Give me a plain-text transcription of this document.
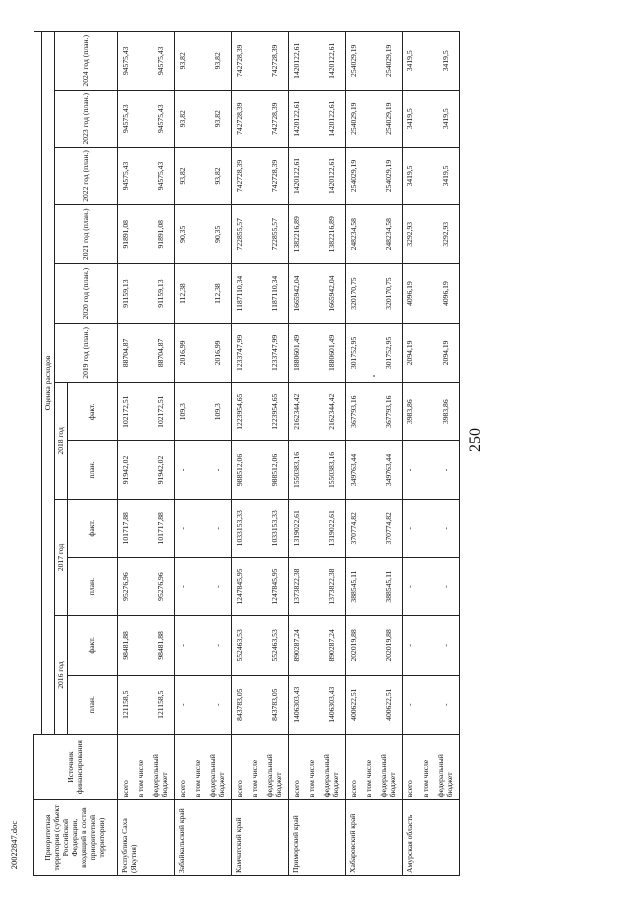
250
Приоритетная территория (субъект Российской Федерации, входящий в состав приоритетной территории)	Источник финансирования												
		Оценка расходов											
		2016 год		2017 год		2018 год		2019 год (план.)	2020 год (план.)	2021 год (план.)	2022 год (план.)	2023 год (план.)	2024 год (план.)
		план.	факт.	план.	факт.	план.	факт.						
Республика Саха (Якутия)	всего	121158,5	98481,88	95276,96	101717,88	91942,02	102172,51	88704,87	91159,13	91891,08	94575,43	94575,43	94575,43
	в том числе												
	федеральный бюджет	121158,5	98481,88	95276,96	101717,88	91942,02	102172,51	88704,87	91159,13	91891,08	94575,43	94575,43	94575,43
Забайкальский край	всего	-	-	-	-	-	109,3	2016,99	112,38	90,35	93,82	93,82	93,82
	в том числе												
	федеральный бюджет	-	-	-	-	-	109,3	2016,99	112,38	90,35	93,82	93,82	93,82
Камчатский край	всего	843783,05	552463,53	1247845,95	1033153,33	988512,06	1223954,65	1233747,99	1187110,34	722855,57	742728,39	742728,39	742728,39
	в том числе												
	федеральный бюджет	843783,05	552463,53	1247845,95	1033153,33	988512,06	1223954,65	1233747,99	1187110,34	722855,57	742728,39	742728,39	742728,39
Приморский край	всего	1406303,43	890287,24	1373822,38	1319022,61	1550383,16	2162344,42	1880601,49	1665942,04	1382216,89	1420122,61	1420122,61	1420122,61
	в том числе												
	федеральный бюджет	1406303,43	890287,24	1373822,38	1319022,61	1550383,16	2162344,42	1880601,49	1665942,04	1382216,89	1420122,61	1420122,61	1420122,61
Хабаровский край	всего	400622,51	202019,88	388545,11	370774,82	349763,44	367793,16	301752,95	320170,75	248234,58	254029,19	254029,19	254029,19
	в том числе												
	федеральный бюджет	400622,51	202019,88	388545,11	370774,82	349763,44	367793,16	301752,95	320170,75	248234,58	254029,19	254029,19	254029,19
Амурская область	всего	-	-	-	-	-	3983,86	2094,19	4096,19	3292,93	3419,5	3419,5	3419,5
	в том числе												
	федеральный бюджет	-	-	-	-	-	3983,86	2094,19	4096,19	3292,93	3419,5	3419,5	3419,5
20022847.doc
